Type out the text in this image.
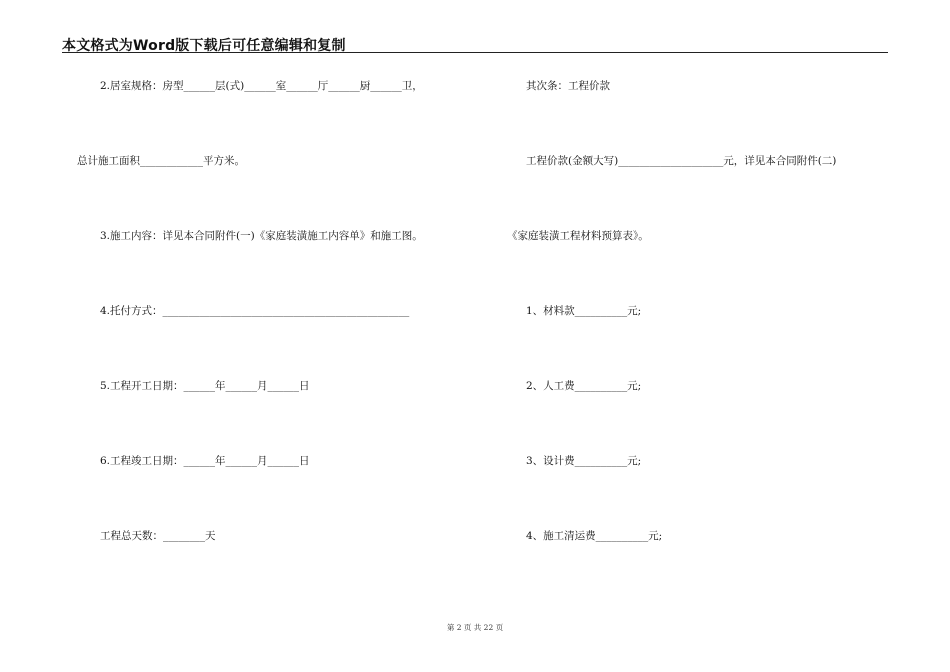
本文格式为Word版下载后可任意编辑和复制
2.居室规格：房型______层(式)______室______厅______厨______卫，
总计施工面积____________平方米。
3.施工内容：详见本合同附件(一)《家庭装潢施工内容单》和施工图。
4.托付方式：_______________________________________________
5.工程开工日期：______年______月______日
6.工程竣工日期：______年______月______日
工程总天数：________天
其次条：工程价款
工程价款(金额大写)____________________元，详见本合同附件(二)
《家庭装潢工程材料预算表》。
1、材料款__________元;
2、人工费__________元;
3、设计费__________元;
4、施工清运费__________元;
第 2 页 共 22 页
